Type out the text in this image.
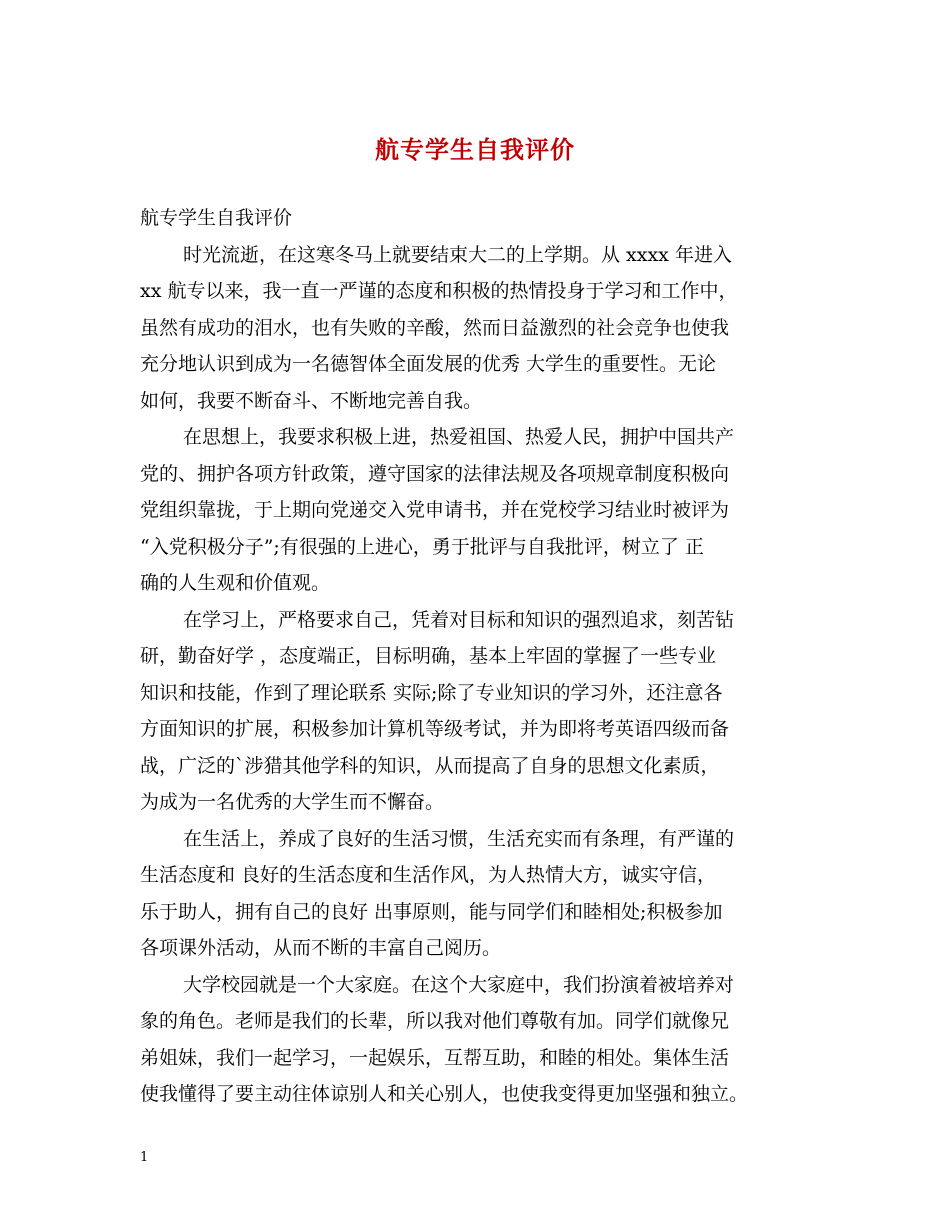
航专学生自我评价
航专学生自我评价
时光流逝，在这寒冬马上就要结束大二的上学期。从 xxxx 年进入
xx 航专以来，我一直一严谨的态度和积极的热情投身于学习和工作中，
虽然有成功的泪水，也有失败的辛酸，然而日益激烈的社会竞争也使我
充分地认识到成为一名德智体全面发展的优秀 大学生的重要性。无论
如何，我要不断奋斗、不断地完善自我。
在思想上，我要求积极上进，热爱祖国、热爱人民，拥护中国共产
党的、拥护各项方针政策，遵守国家的法律法规及各项规章制度积极向
党组织靠拢，于上期向党递交入党申请书，并在党校学习结业时被评为
“入党积极分子”;有很强的上进心，勇于批评与自我批评，树立了 正
确的人生观和价值观。
在学习上，严格要求自己，凭着对目标和知识的强烈追求，刻苦钻
研，勤奋好学 ，态度端正，目标明确，基本上牢固的掌握了一些专业
知识和技能，作到了理论联系 实际;除了专业知识的学习外，还注意各
方面知识的扩展，积极参加计算机等级考试，并为即将考英语四级而备
战，广泛的`涉猎其他学科的知识，从而提高了自身的思想文化素质，
为成为一名优秀的大学生而不懈奋。
在生活上，养成了良好的生活习惯，生活充实而有条理，有严谨的
生活态度和 良好的生活态度和生活作风，为人热情大方，诚实守信，
乐于助人，拥有自己的良好 出事原则，能与同学们和睦相处;积极参加
各项课外活动，从而不断的丰富自己阅历。
大学校园就是一个大家庭。在这个大家庭中，我们扮演着被培养对
象的角色。老师是我们的长辈，所以我对他们尊敬有加。同学们就像兄
弟姐妹，我们一起学习，一起娱乐，互帮互助，和睦的相处。集体生活
使我懂得了要主动往体谅别人和关心别人，也使我变得更加坚强和独立。
1
